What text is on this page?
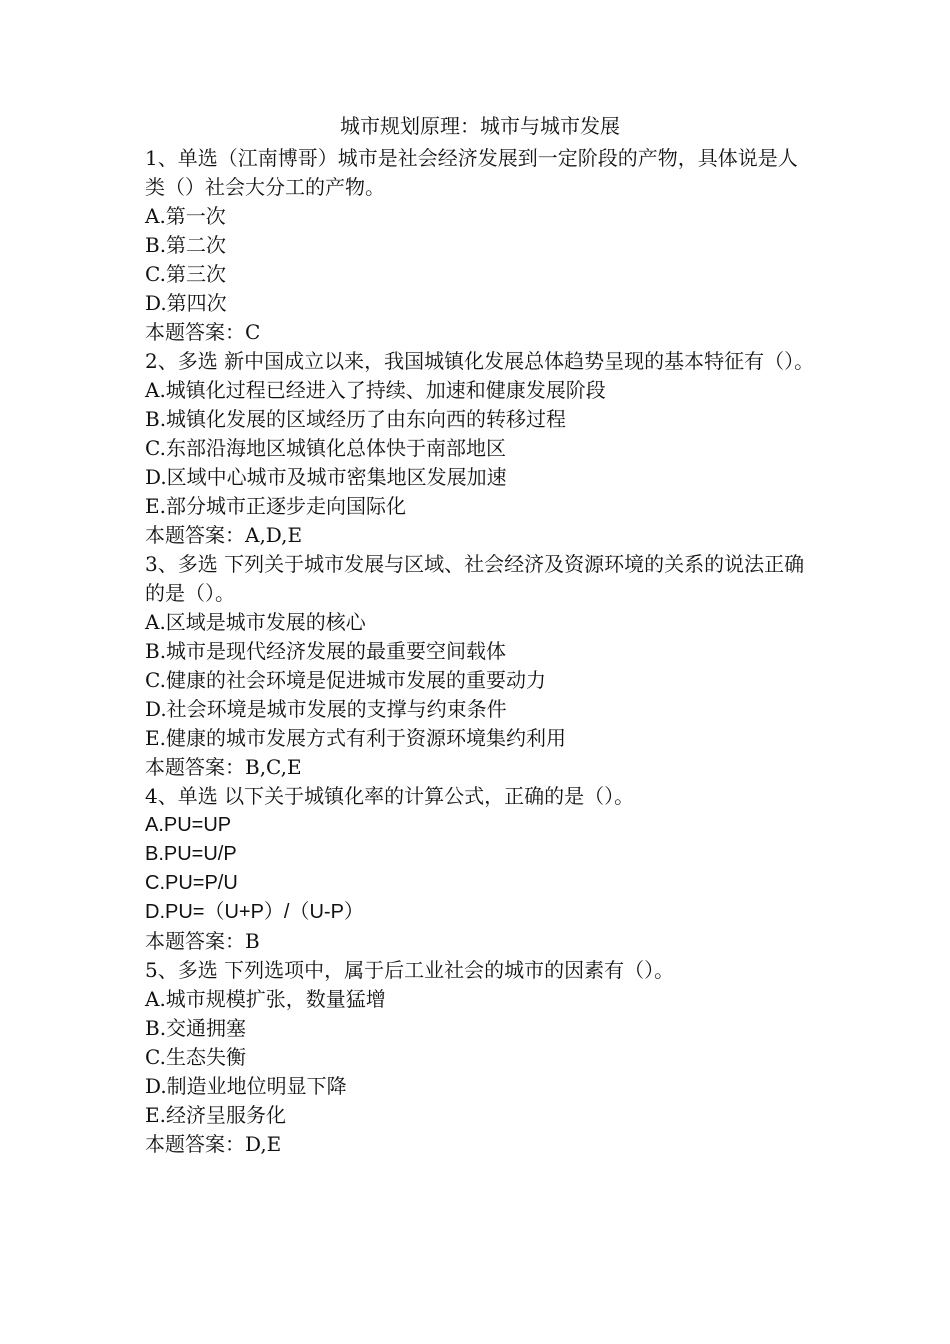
城市规划原理：城市与城市发展

1、单选（江南博哥）城市是社会经济发展到一定阶段的产物，具体说是人类（）社会大分工的产物。

A.第一次

B.第二次

C.第三次

D.第四次

本题答案：C

2、多选 新中国成立以来，我国城镇化发展总体趋势呈现的基本特征有（）。

A.城镇化过程已经进入了持续、加速和健康发展阶段

B.城镇化发展的区域经历了由东向西的转移过程

C.东部沿海地区城镇化总体快于南部地区

D.区域中心城市及城市密集地区发展加速

E.部分城市正逐步走向国际化

本题答案：A,D,E

3、多选 下列关于城市发展与区域、社会经济及资源环境的关系的说法正确的是（）。

A.区域是城市发展的核心

B.城市是现代经济发展的最重要空间载体

C.健康的社会环境是促进城市发展的重要动力

D.社会环境是城市发展的支撑与约束条件

E.健康的城市发展方式有利于资源环境集约利用

本题答案：B,C,E

4、单选 以下关于城镇化率的计算公式，正确的是（）。

A.PU=UP

B.PU=U/P

C.PU=P/U

D.PU=（U+P）/（U-P）

本题答案：B

5、多选 下列选项中，属于后工业社会的城市的因素有（）。

A.城市规模扩张，数量猛增

B.交通拥塞

C.生态失衡

D.制造业地位明显下降

E.经济呈服务化

本题答案：D,E
